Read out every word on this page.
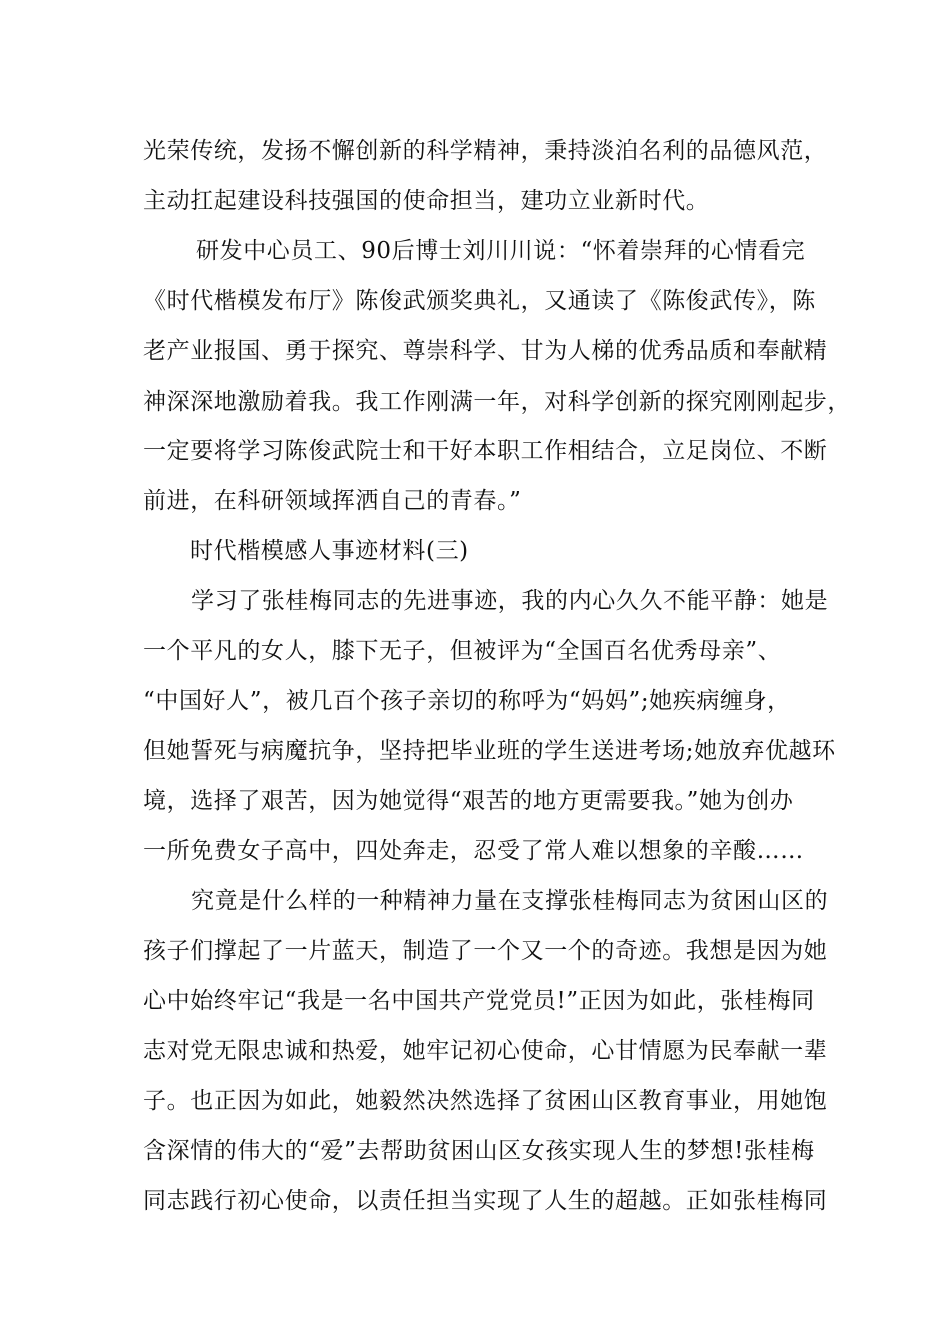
光荣传统，发扬不懈创新的科学精神，秉持淡泊名利的品德风范，
主动扛起建设科技强国的使命担当，建功立业新时代。
研发中心员工、90后博士刘川川说：“怀着崇拜的心情看完
《时代楷模发布厅》陈俊武颁奖典礼，又通读了《陈俊武传》，陈
老产业报国、勇于探究、尊崇科学、甘为人梯的优秀品质和奉献精
神深深地激励着我。我工作刚满一年，对科学创新的探究刚刚起步，
一定要将学习陈俊武院士和干好本职工作相结合，立足岗位、不断
前进，在科研领域挥洒自己的青春。”
时代楷模感人事迹材料(三)
学习了张桂梅同志的先进事迹，我的内心久久不能平静：她是
一个平凡的女人，膝下无子，但被评为“全国百名优秀母亲”、
“中国好人”，被几百个孩子亲切的称呼为“妈妈”;她疾病缠身，
但她誓死与病魔抗争，坚持把毕业班的学生送进考场;她放弃优越环
境，选择了艰苦，因为她觉得“艰苦的地方更需要我。”她为创办
一所免费女子高中，四处奔走，忍受了常人难以想象的辛酸……
究竟是什么样的一种精神力量在支撑张桂梅同志为贫困山区的
孩子们撑起了一片蓝天，制造了一个又一个的奇迹。我想是因为她
心中始终牢记“我是一名中国共产党党员!”正因为如此，张桂梅同
志对党无限忠诚和热爱，她牢记初心使命，心甘情愿为民奉献一辈
子。也正因为如此，她毅然决然选择了贫困山区教育事业，用她饱
含深情的伟大的“爱”去帮助贫困山区女孩实现人生的梦想!张桂梅
同志践行初心使命，以责任担当实现了人生的超越。正如张桂梅同
